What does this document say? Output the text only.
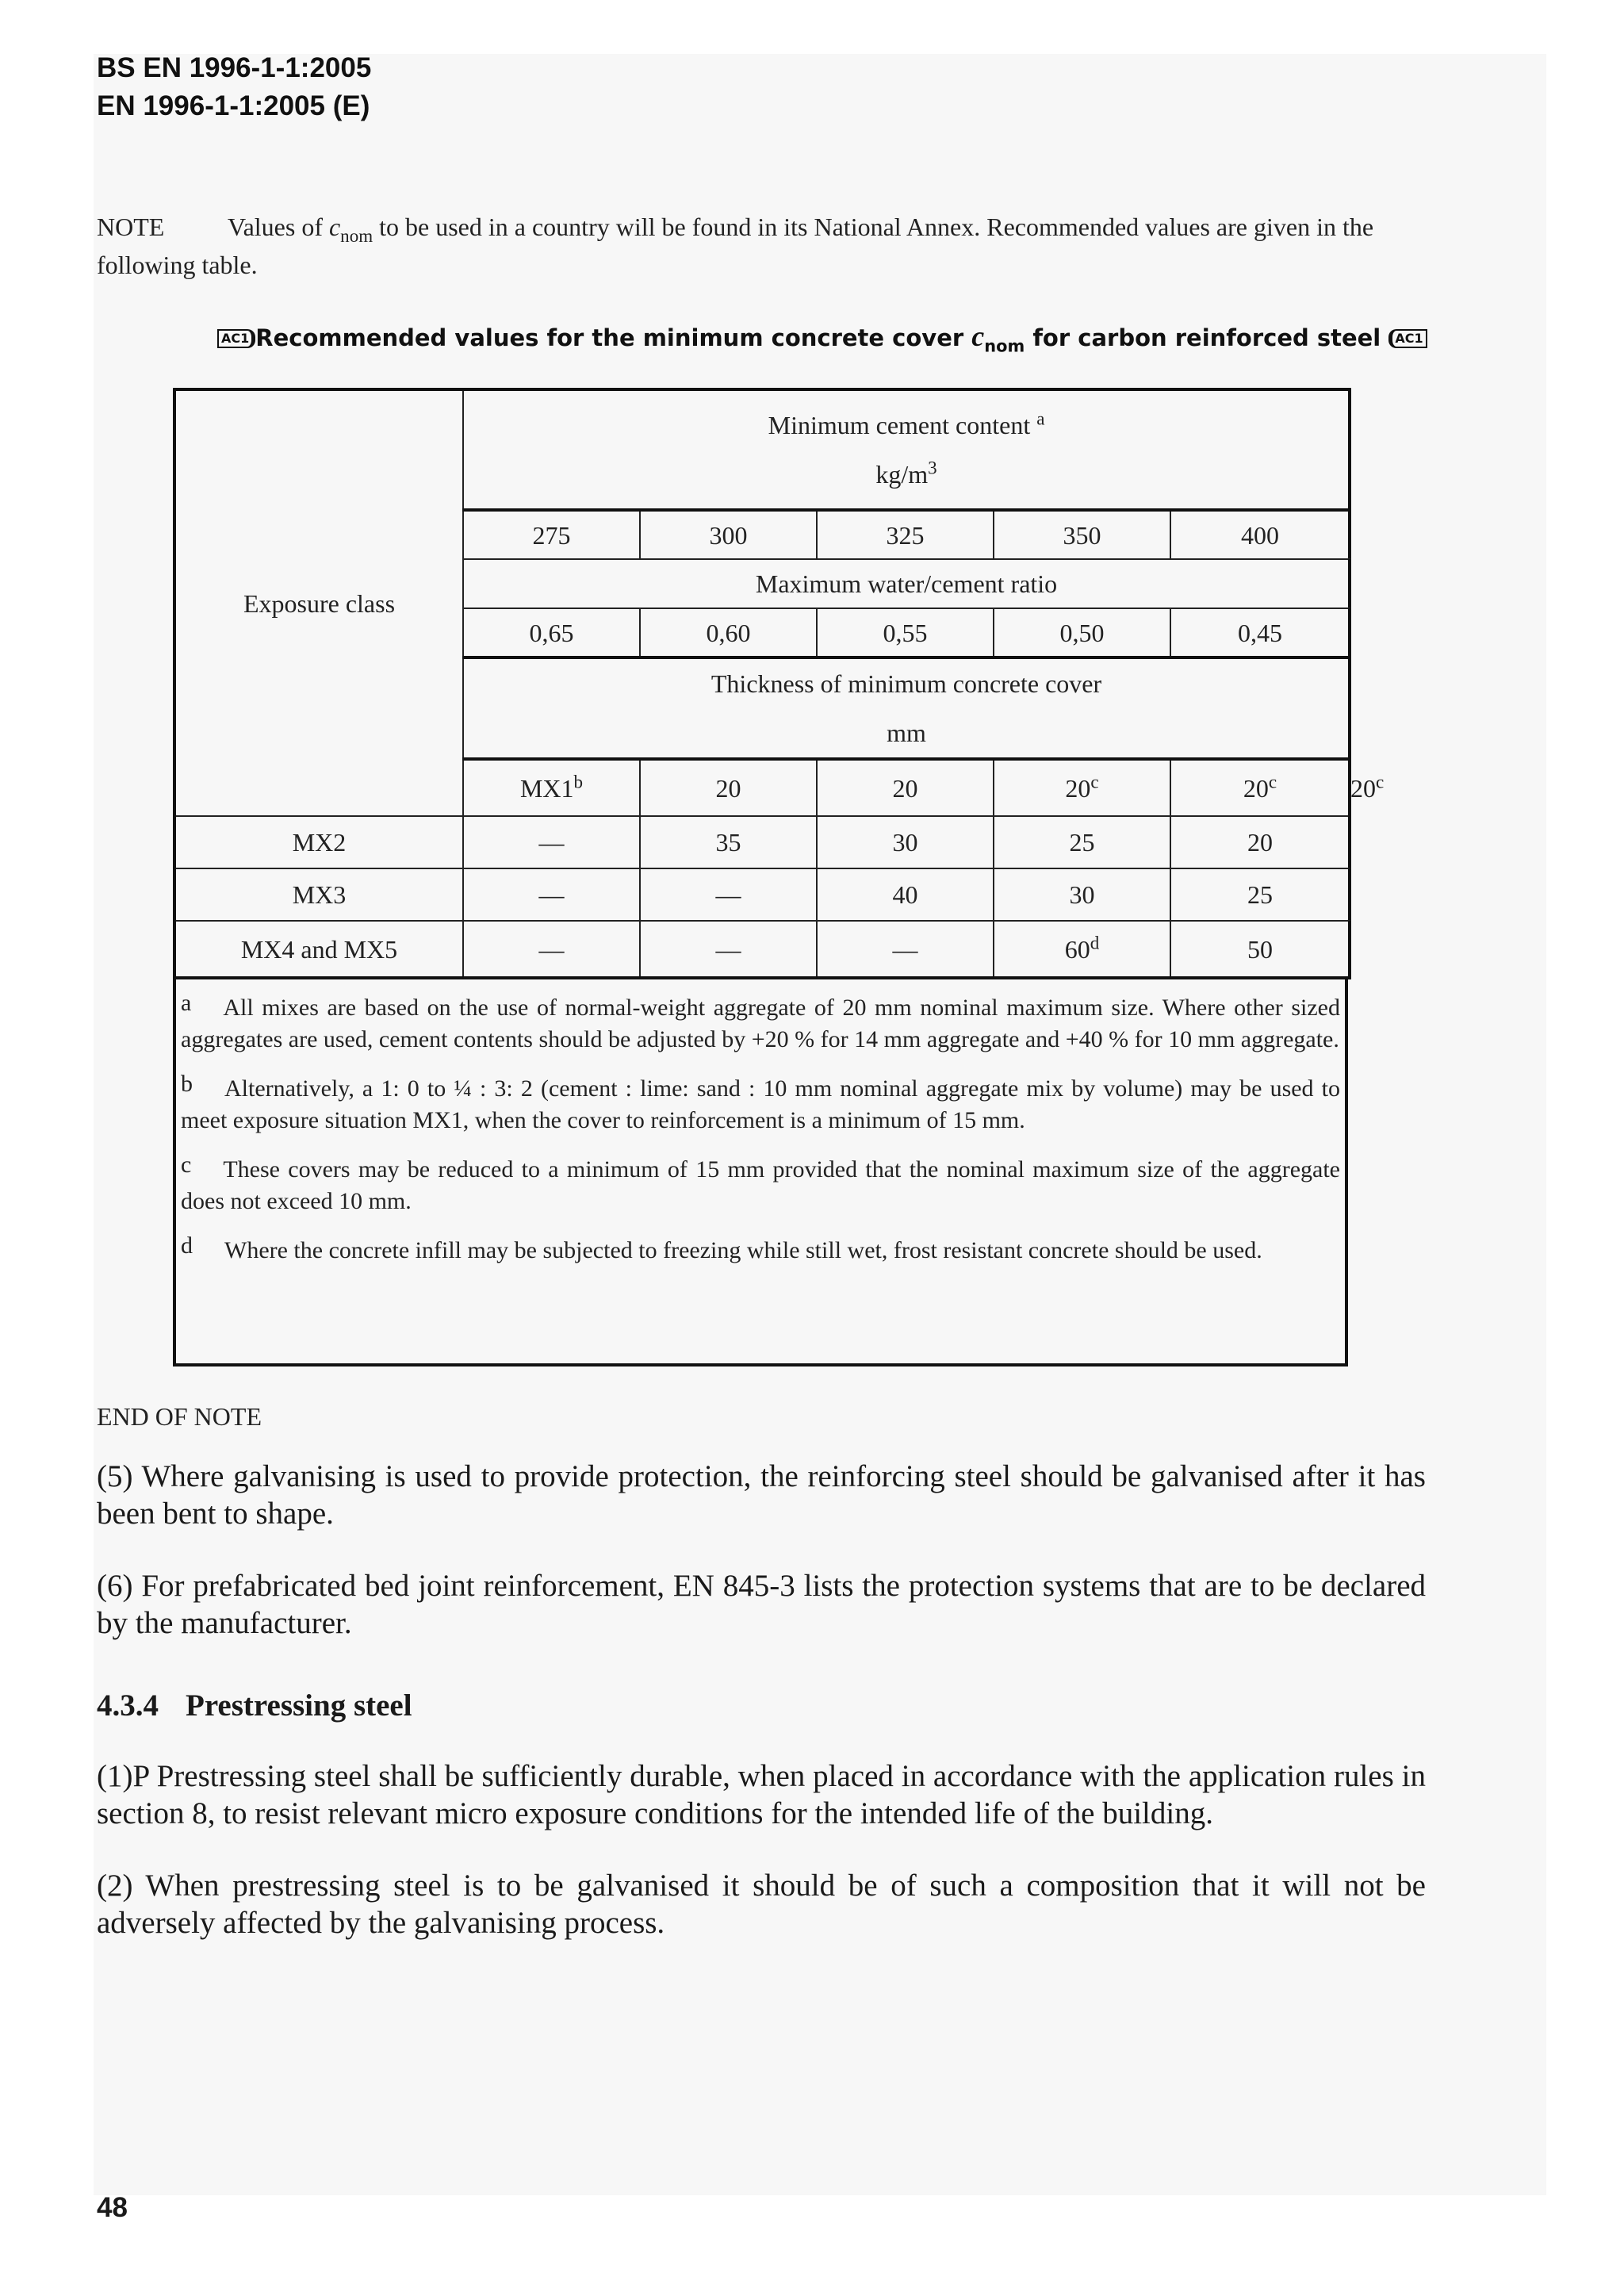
BS EN 1996-1-1:2005
EN 1996-1-1:2005 (E)
NOTE Values of $c_{nom}$ to be used in a country will be found in its National Annex. Recommended values are given in the following table.
AC1 Recommended values for the minimum concrete cover $c_{nom}$ for carbon reinforced steel AC1
Exposure class	Minimum cement content $^a$
$kg/m^3$

	275	300	325	350	400	
	Maximum water/cement ratio					
	0,65	0,60	0,55	0,50	0,45	

	Thickness of minimum concrete cover
mm					

	MX1$^b$	20	20	20$^c$	20$^c$	20$^c$
MX2	—	35	30	25	20	
MX3	—	—	40	30	25	
MX4 and MX5	—	—	—	60$^d$	50	
a All mixes are based on the use of normal-weight aggregate of 20 mm nominal maximum size. Where other sized aggregates are used, cement contents should be adjusted by +20 % for 14 mm aggregate and +40 % for 10 mm aggregate.
b Alternatively, a 1: 0 to ¼ : 3: 2 (cement : lime: sand : 10 mm nominal aggregate mix by volume) may be used to meet exposure situation MX1, when the cover to reinforcement is a minimum of 15 mm.
c These covers may be reduced to a minimum of 15 mm provided that the nominal maximum size of the aggregate does not exceed 10 mm.
d Where the concrete infill may be subjected to freezing while still wet, frost resistant concrete should be used.
END OF NOTE
(5) Where galvanising is used to provide protection, the reinforcing steel should be galvanised after it has been bent to shape.
(6) For prefabricated bed joint reinforcement, EN 845-3 lists the protection systems that are to be declared by the manufacturer.
4.3.4 Prestressing steel
(1)P Prestressing steel shall be sufficiently durable, when placed in accordance with the application rules in section 8, to resist relevant micro exposure conditions for the intended life of the building.
(2) When prestressing steel is to be galvanised it should be of such a composition that it will not be adversely affected by the galvanising process.
48
